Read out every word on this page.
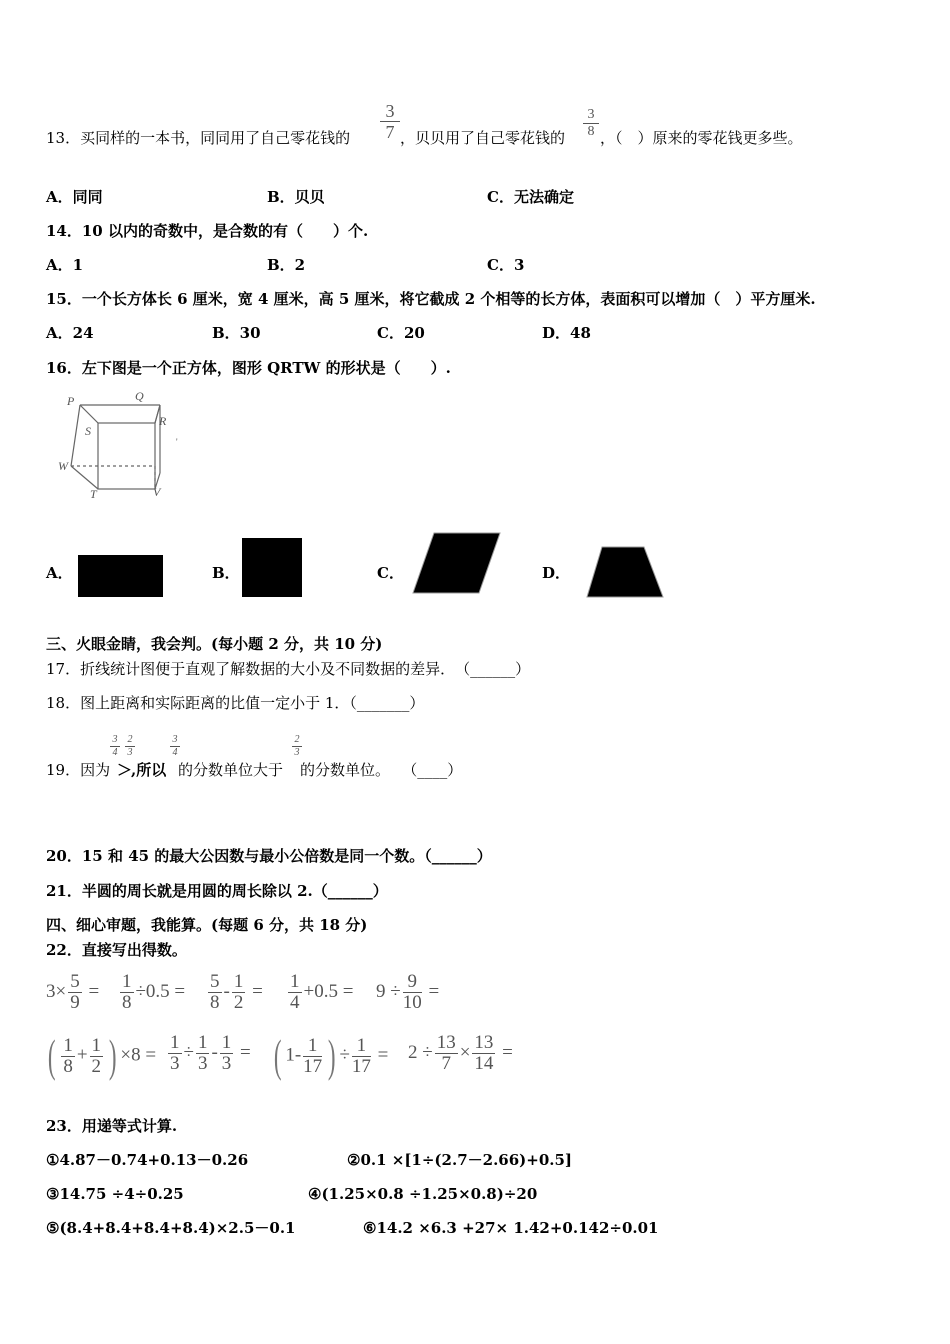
13．买同样的一本书，同同用了自己零花钱的
3
7 ，贝贝用了自己零花钱的
3
8 ，（　）原来的零花钱更多些。
A．同同	B．贝贝	C．无法确定
14．10 以内的奇数中，是合数的有（　　）个.
A．1	B．2	C．3
15．一个长方体长 6 厘米，宽 4 厘米，高 5 厘米，将它截成 2 个相等的长方体，表面积可以增加（　）平方厘米.
A．24	B．30	C．20	D．48
16．左下图是一个正方体，图形 QRTW 的形状是（　　）.
P	Q
S
R
W
T	V
'
A．	B．	C．	D．
三、火眼金睛，我会判。(每小题 2 分，共 10 分)
17．折线统计图便于直观了解数据的大小及不同数据的差异．　（______）
18．图上距离和实际距离的比值一定小于 1．（_______）
3
4
2
3
3
4
2
3
19．因为 ＞
,所以 的分数单位大于 的分数单位。　 （____）
20．15 和 45 的最大公因数与最小公倍数是同一个数。（______）
21．半圆的周长就是用圆的周长除以 2.（______）
四、细心审题，我能算。(每题 6 分，共 18 分)
22．直接写出得数。
$3\times \frac{5}{9} = \frac{1}{8} \div 0.5 = \frac{5}{8} - \frac{1}{2} = \frac{1}{4} +0.5 = 9 \div \frac{9}{10}$ =
( $\frac{1}{8} + \frac{1}{2}$ ) $\times 8 = \frac{1}{3} \div \frac{1}{3} - \frac{1}{3}$ = ( $1- \frac{1}{17}$ ) ÷ $\frac{1}{17} = 2 \div \frac{13}{7} \times \frac{13}{14}$ =
23．用递等式计算.
①4.87－0.74+0.13－0.26	②0.1 ×[1÷(2.7－2.66)+0.5]
③14.75 ÷4÷0.25	④(1.25×0.8 ÷1.25×0.8)÷20
⑤(8.4+8.4+8.4+8.4)×2.5－0.1	⑥14.2 ×6.3 +27× 1.42+0.142÷0.01
